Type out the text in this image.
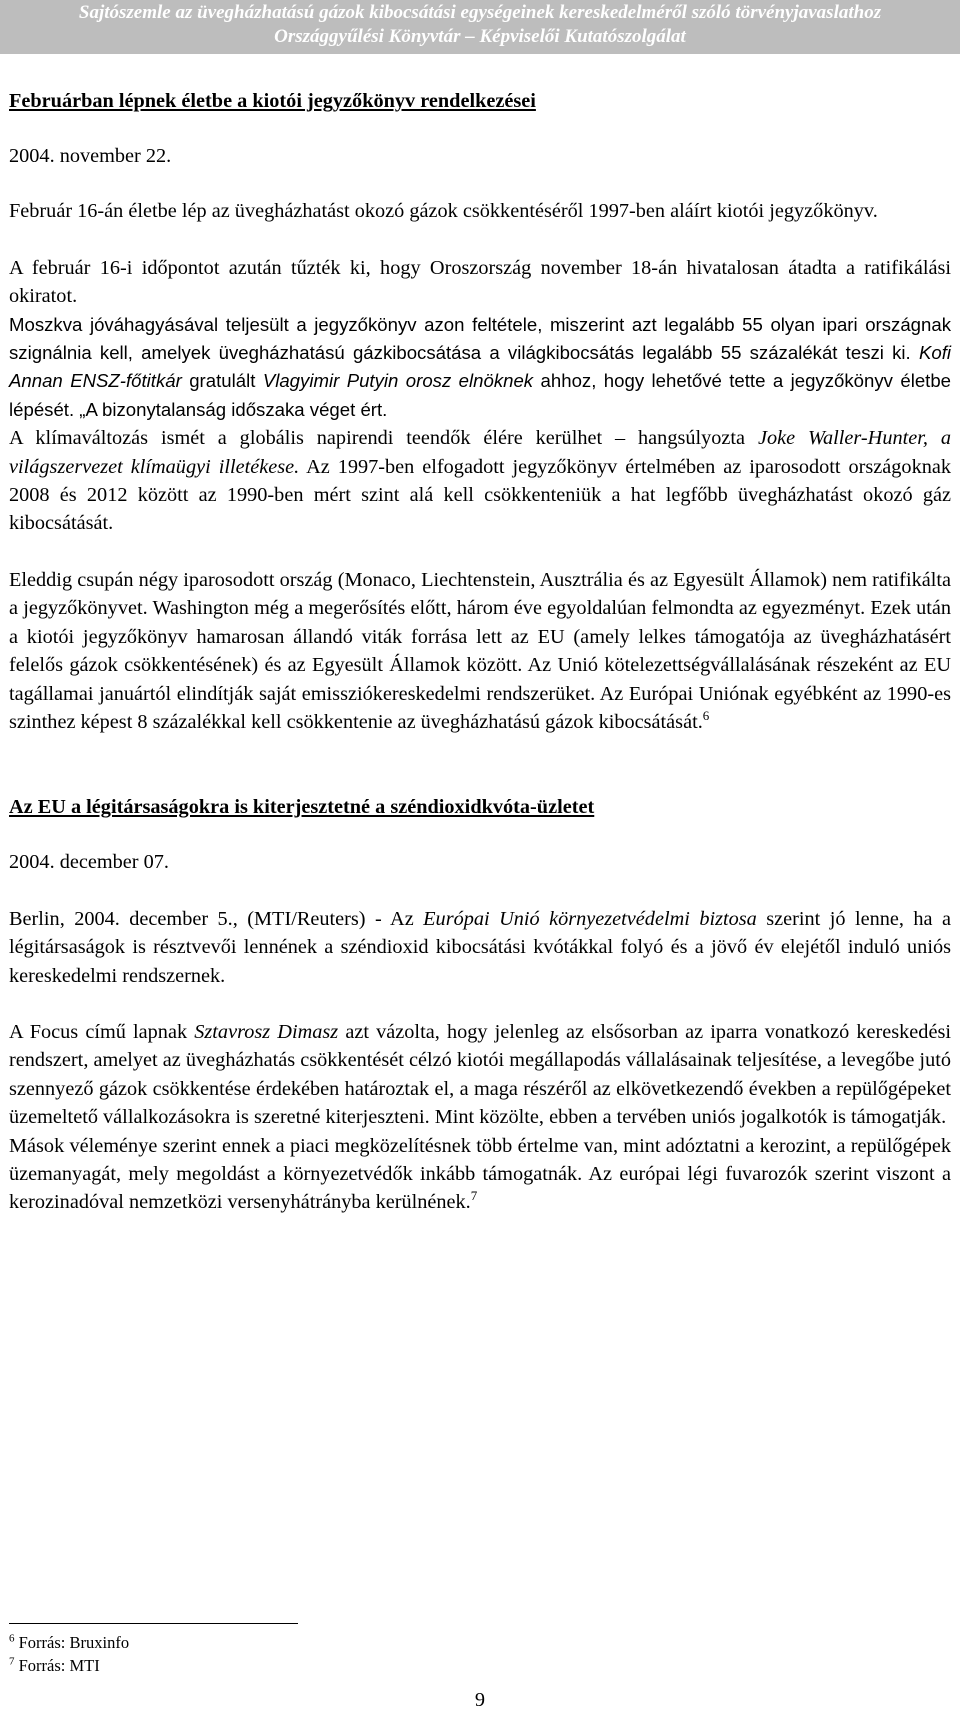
Sajtószemle az üvegházhatású gázok kibocsátási egységeinek kereskedelméről szóló törvényjavaslathoz
Országgyűlési Könyvtár – Képviselői Kutatószolgálat
Februárban lépnek életbe a kiotói jegyzőkönyv rendelkezései

2004. november 22.

Február 16-án életbe lép az üvegházhatást okozó gázok csökkentéséről 1997-ben aláírt kiotói jegyzőkönyv.

A február 16-i időpontot azután tűzték ki, hogy Oroszország november 18-án hivatalosan átadta a ratifikálási okiratot.

Moszkva jóváhagyásával teljesült a jegyzőkönyv azon feltétele, miszerint azt legalább 55 olyan ipari országnak szignálnia kell, amelyek üvegházhatású gázkibocsátása a világkibocsátás legalább 55 százalékát teszi ki. Kofi Annan ENSZ-főtitkár gratulált Vlagyimir Putyin orosz elnöknek ahhoz, hogy lehetővé tette a jegyzőkönyv életbe lépését. „A bizonytalanság időszaka véget ért.

A klímaváltozás ismét a globális napirendi teendők élére kerülhet – hangsúlyozta Joke Waller-Hunter, a világszervezet klímaügyi illetékese. Az 1997-ben elfogadott jegyzőkönyv értelmében az iparosodott országoknak 2008 és 2012 között az 1990-ben mért szint alá kell csökkenteniük a hat legfőbb üvegházhatást okozó gáz kibocsátását.

Eleddig csupán négy iparosodott ország (Monaco, Liechtenstein, Ausztrália és az Egyesült Államok) nem ratifikálta a jegyzőkönyvet. Washington még a megerősítés előtt, három éve egyoldalúan felmondta az egyezményt. Ezek után a kiotói jegyzőkönyv hamarosan állandó viták forrása lett az EU (amely lelkes támogatója az üvegházhatásért felelős gázok csökkentésének) és az Egyesült Államok között. Az Unió kötelezettségvállalásának részeként az EU tagállamai januártól elindítják saját emissziókereskedelmi rendszerüket. Az Európai Uniónak egyébként az 1990-es szinthez képest 8 százalékkal kell csökkentenie az üvegházhatású gázok kibocsátását.$^6$

Az EU a légitársaságokra is kiterjesztetné a széndioxidkvóta-üzletet

2004. december 07.

Berlin, 2004. december 5., (MTI/Reuters) - Az Európai Unió környezetvédelmi biztosa szerint jó lenne, ha a légitársaságok is résztvevői lennének a széndioxid kibocsátási kvótákkal folyó és a jövő év elejétől induló uniós kereskedelmi rendszernek.

A Focus című lapnak Sztavrosz Dimasz azt vázolta, hogy jelenleg az elsősorban az iparra vonatkozó kereskedési rendszert, amelyet az üvegházhatás csökkentését célzó kiotói megállapodás vállalásainak teljesítése, a levegőbe jutó szennyező gázok csökkentése érdekében határoztak el, a maga részéről az elkövetkezendő években a repülőgépeket üzemeltető vállalkozásokra is szeretné kiterjeszteni. Mint közölte, ebben a tervében uniós jogalkotók is támogatják.

Mások véleménye szerint ennek a piaci megközelítésnek több értelme van, mint adóztatni a kerozint, a repülőgépek üzemanyagát, mely megoldást a környezetvédők inkább támogatnák. Az európai légi fuvarozók szerint viszont a kerozinadóval nemzetközi versenyhátrányba kerülnének.$^7$

$^6$ Forrás: Bruxinfo
$^7$ Forrás: MTI
9
